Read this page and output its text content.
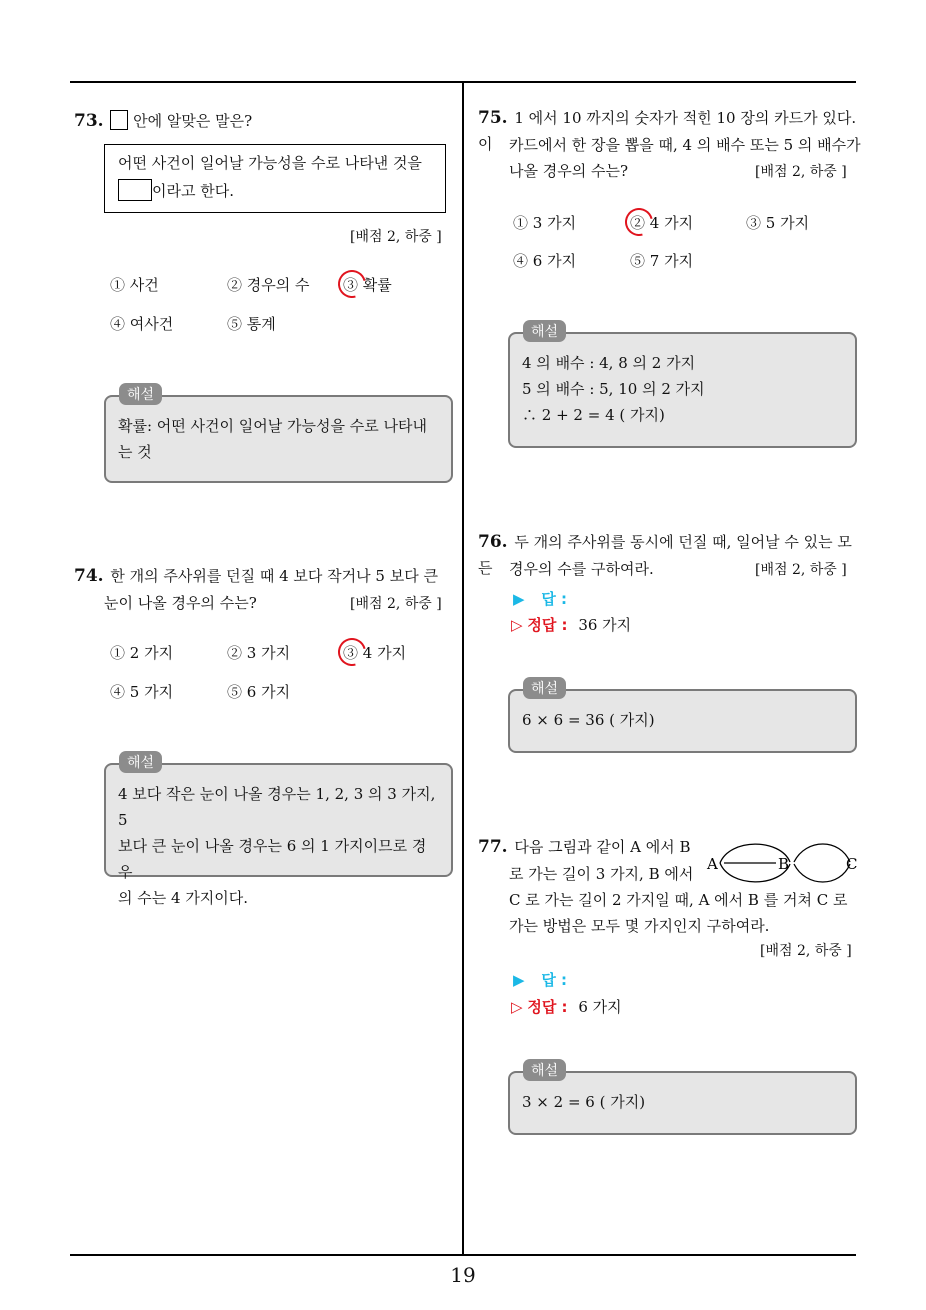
73. 안에 알맞은 말은?
어떤 사건이 일어날 가능성을 수로 나타낸 것을
이라고 한다.
[배점 2, 하중 ]
① 사건	② 경우의 수 ③ 확률
④ 여사건	⑤ 통계
확률: 어떤 사건이 일어날 가능성을 수로 나타내는 것
해설
74. 한 개의 주사위를 던질 때 4 보다 작거나 5 보다 큰
눈이 나올 경우의 수는?	[배점 2, 하중 ]
① 2 가지	② 3 가지	③ 4 가지
④ 5 가지	⑤ 6 가지
4 보다 작은 눈이 나올 경우는 1, 2, 3 의 3 가지, 5
보다 큰 눈이 나올 경우는 6 의 1 가지이므로 경우
의 수는 4 가지이다.
해설
75. 1 에서 10 까지의 숫자가 적힌 10 장의 카드가 있다. 이	카드에서 한 장을 뽑을 때, 4 의 배수 또는 5 의 배수가
나올 경우의 수는?	[배점 2, 하중 ]
① 3 가지	② 4 가지	③ 5 가지
④ 6 가지	⑤ 7 가지
4 의 배수 : 4, 8 의 2 가지
5 의 배수 : 5, 10 의 2 가지
∴ 2 + 2 = 4 ( 가지)
해설
76. 두 개의 주사위를 동시에 던질 때, 일어날 수 있는 모든	경우의 수를 구하여라.	[배점 2, 하중 ]
▶ 답 :
▷ 정답 : 36 가지
6 × 6 = 36 ( 가지)
해설
77. 다음 그림과 같이 A 에서 B
로 가는 길이 3 가지, B 에서
C 로 가는 길이 2 가지일 때, A 에서 B 를 거쳐 C 로
가는 방법은 모두 몇 가지인지 구하여라.
[배점 2, 하중 ]
A	B	C
▶ 답 :
▷ 정답 : 6 가지
3 × 2 = 6 ( 가지)
해설
19
